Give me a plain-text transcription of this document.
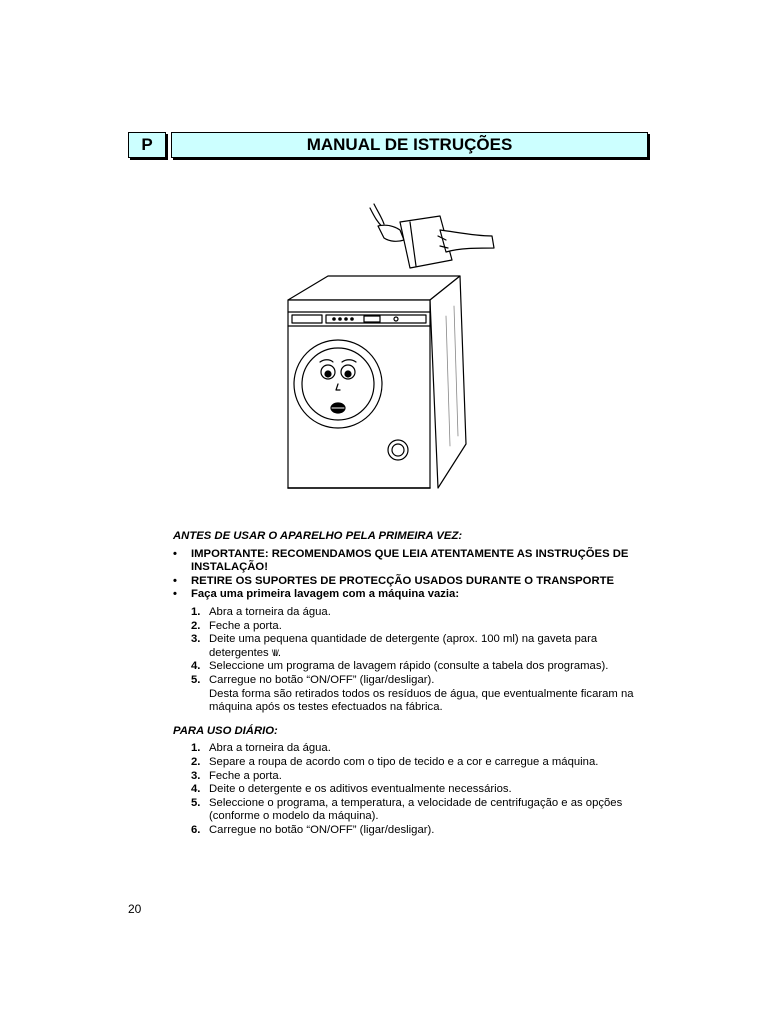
P	MANUAL DE ISTRUÇÕES
ANTES DE USAR O APARELHO PELA PRIMEIRA VEZ:
• IMPORTANTE: RECOMENDAMOS QUE LEIA ATENTAMENTE AS INSTRUÇÕES DE INSTALAÇÃO!
• RETIRE OS SUPORTES DE PROTECÇÃO USADOS DURANTE O TRANSPORTE
• Faça uma primeira lavagem com a máquina vazia:
1. Abra a torneira da água.
2. Feche a porta.
3. Deite uma pequena quantidade de detergente (aprox. 100 ml) na gaveta para detergentes \II/.
4. Seleccione um programa de lavagem rápido (consulte a tabela dos programas).
5. Carregue no botão “ON/OFF” (ligar/desligar).
Desta forma são retirados todos os resíduos de água, que eventualmente ficaram na máquina após os testes efectuados na fábrica.
PARA USO DIÁRIO:
1. Abra a torneira da água.
2. Separe a roupa de acordo com o tipo de tecido e a cor e carregue a máquina.
3. Feche a porta.
4. Deite o detergente e os aditivos eventualmente necessários.
5. Seleccione o programa, a temperatura, a velocidade de centrifugação e as opções (conforme o modelo da máquina).
6. Carregue no botão “ON/OFF” (ligar/desligar).
20
